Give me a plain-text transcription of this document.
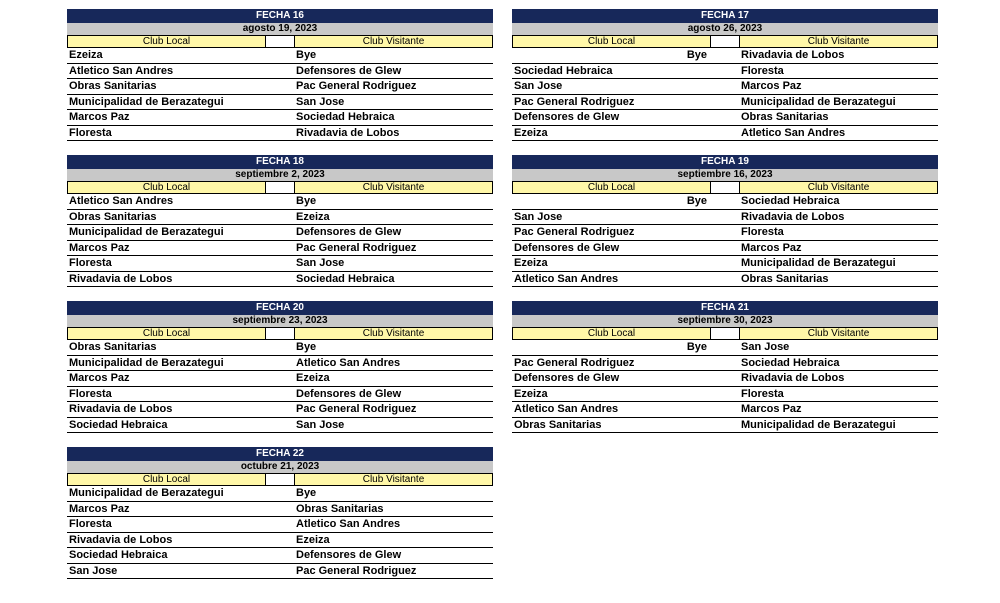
FECHA 16
agosto 19, 2023
Club Local	Club Visitante
Ezeiza	Bye
Atletico San Andres	Defensores de Glew
Obras Sanitarias	Pac General Rodriguez
Municipalidad de Berazategui	San Jose
Marcos Paz	Sociedad Hebraica
Floresta	Rivadavia de Lobos
FECHA 17
agosto 26, 2023
Club Local	Club Visitante
Bye	Rivadavia de Lobos
Sociedad Hebraica	Floresta
San Jose	Marcos Paz
Pac General Rodriguez	Municipalidad de Berazategui
Defensores de Glew	Obras Sanitarias
Ezeiza	Atletico San Andres
FECHA 18
septiembre 2, 2023
Club Local	Club Visitante
Atletico San Andres	Bye
Obras Sanitarias	Ezeiza
Municipalidad de Berazategui	Defensores de Glew
Marcos Paz	Pac General Rodriguez
Floresta	San Jose
Rivadavia de Lobos	Sociedad Hebraica
FECHA 19
septiembre 16, 2023
Club Local	Club Visitante
Bye	Sociedad Hebraica
San Jose	Rivadavia de Lobos
Pac General Rodriguez	Floresta
Defensores de Glew	Marcos Paz
Ezeiza	Municipalidad de Berazategui
Atletico San Andres	Obras Sanitarias
FECHA 20
septiembre 23, 2023
Club Local	Club Visitante
Obras Sanitarias	Bye
Municipalidad de Berazategui	Atletico San Andres
Marcos Paz	Ezeiza
Floresta	Defensores de Glew
Rivadavia de Lobos	Pac General Rodriguez
Sociedad Hebraica	San Jose
FECHA 21
septiembre 30, 2023
Club Local	Club Visitante
Bye	San Jose
Pac General Rodriguez	Sociedad Hebraica
Defensores de Glew	Rivadavia de Lobos
Ezeiza	Floresta
Atletico San Andres	Marcos Paz
Obras Sanitarias	Municipalidad de Berazategui
FECHA 22
octubre 21, 2023
Club Local	Club Visitante
Municipalidad de Berazategui	Bye
Marcos Paz	Obras Sanitarias
Floresta	Atletico San Andres
Rivadavia de Lobos	Ezeiza
Sociedad Hebraica	Defensores de Glew
San Jose	Pac General Rodriguez
